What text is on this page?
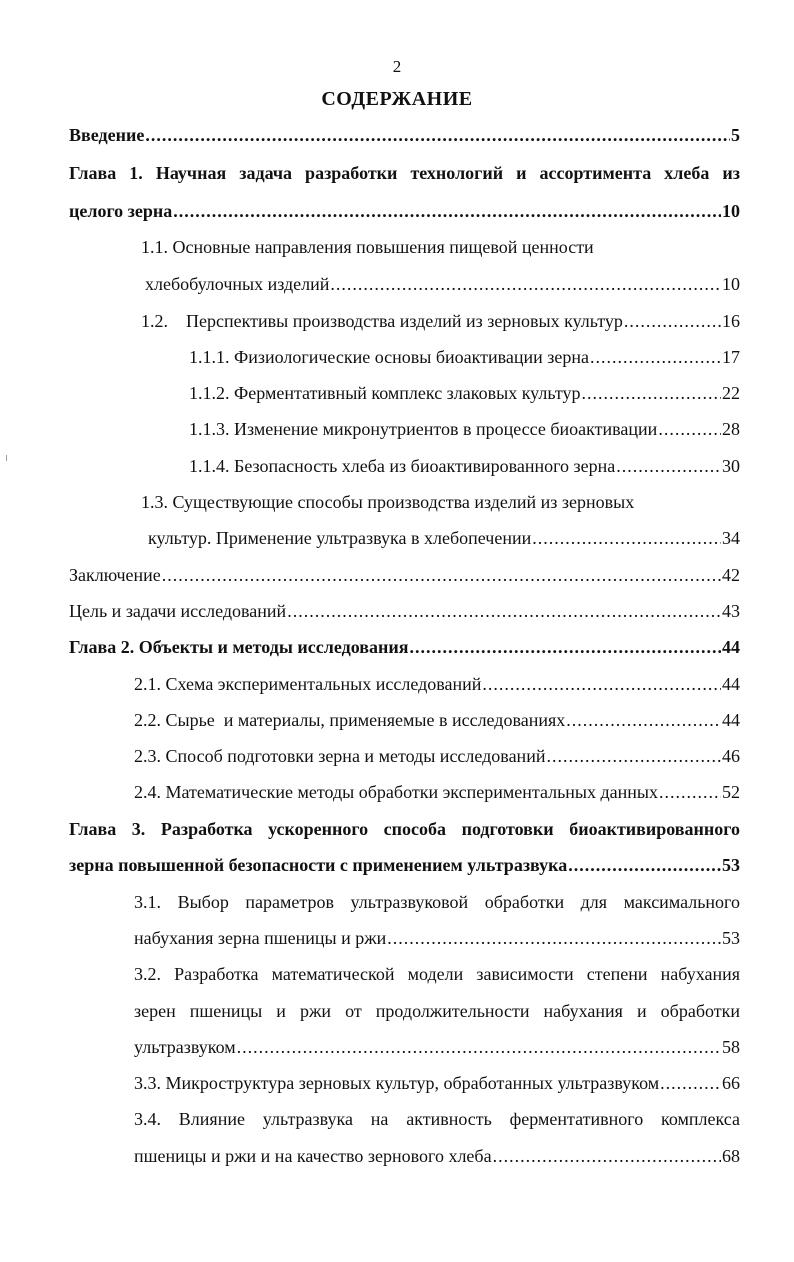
2
СОДЕРЖАНИЕ
Введение .....	5
Глава 1. Научная задача разработки технологий и ассортимента хлеба из
целого зерна .....	10
1.1. Основные направления повышения пищевой ценности
хлебобулочных изделий .....	10
1.2.    Перспективы производства изделий из зерновых культур .....	16
1.1.1. Физиологические основы биоактивации зерна .....	17
1.1.2. Ферментативный комплекс злаковых культур .....	22
1.1.3. Изменение микронутриентов в процессе биоактивации .....	28
1.1.4. Безопасность хлеба из биоактивированного зерна .....	30
1.3. Существующие способы производства изделий из зерновых
культур. Применение ультразвука в хлебопечении .....	34
Заключение .....	42
Цель и задачи исследований .....	43
Глава 2. Объекты и методы исследования .....	44
2.1. Схема экспериментальных исследований .....	44
2.2. Сырье  и материалы, применяемые в исследованиях .....	44
2.3. Способ подготовки зерна и методы исследований .....	46
2.4. Математические методы обработки экспериментальных данных .....	52
Глава 3. Разработка ускоренного способа подготовки биоактивированного
зерна повышенной безопасности с применением ультразвука .....	53
3.1. Выбор параметров ультразвуковой обработки для максимального
набухания зерна пшеницы и ржи .....	53
3.2. Разработка математической модели зависимости степени набухания
зерен пшеницы и ржи от продолжительности набухания и обработки
ультразвуком .....	58
3.3. Микроструктура зерновых культур, обработанных ультразвуком .....	66
3.4. Влияние ультразвука на активность ферментативного комплекса
пшеницы и ржи и на качество зернового хлеба .....	68
